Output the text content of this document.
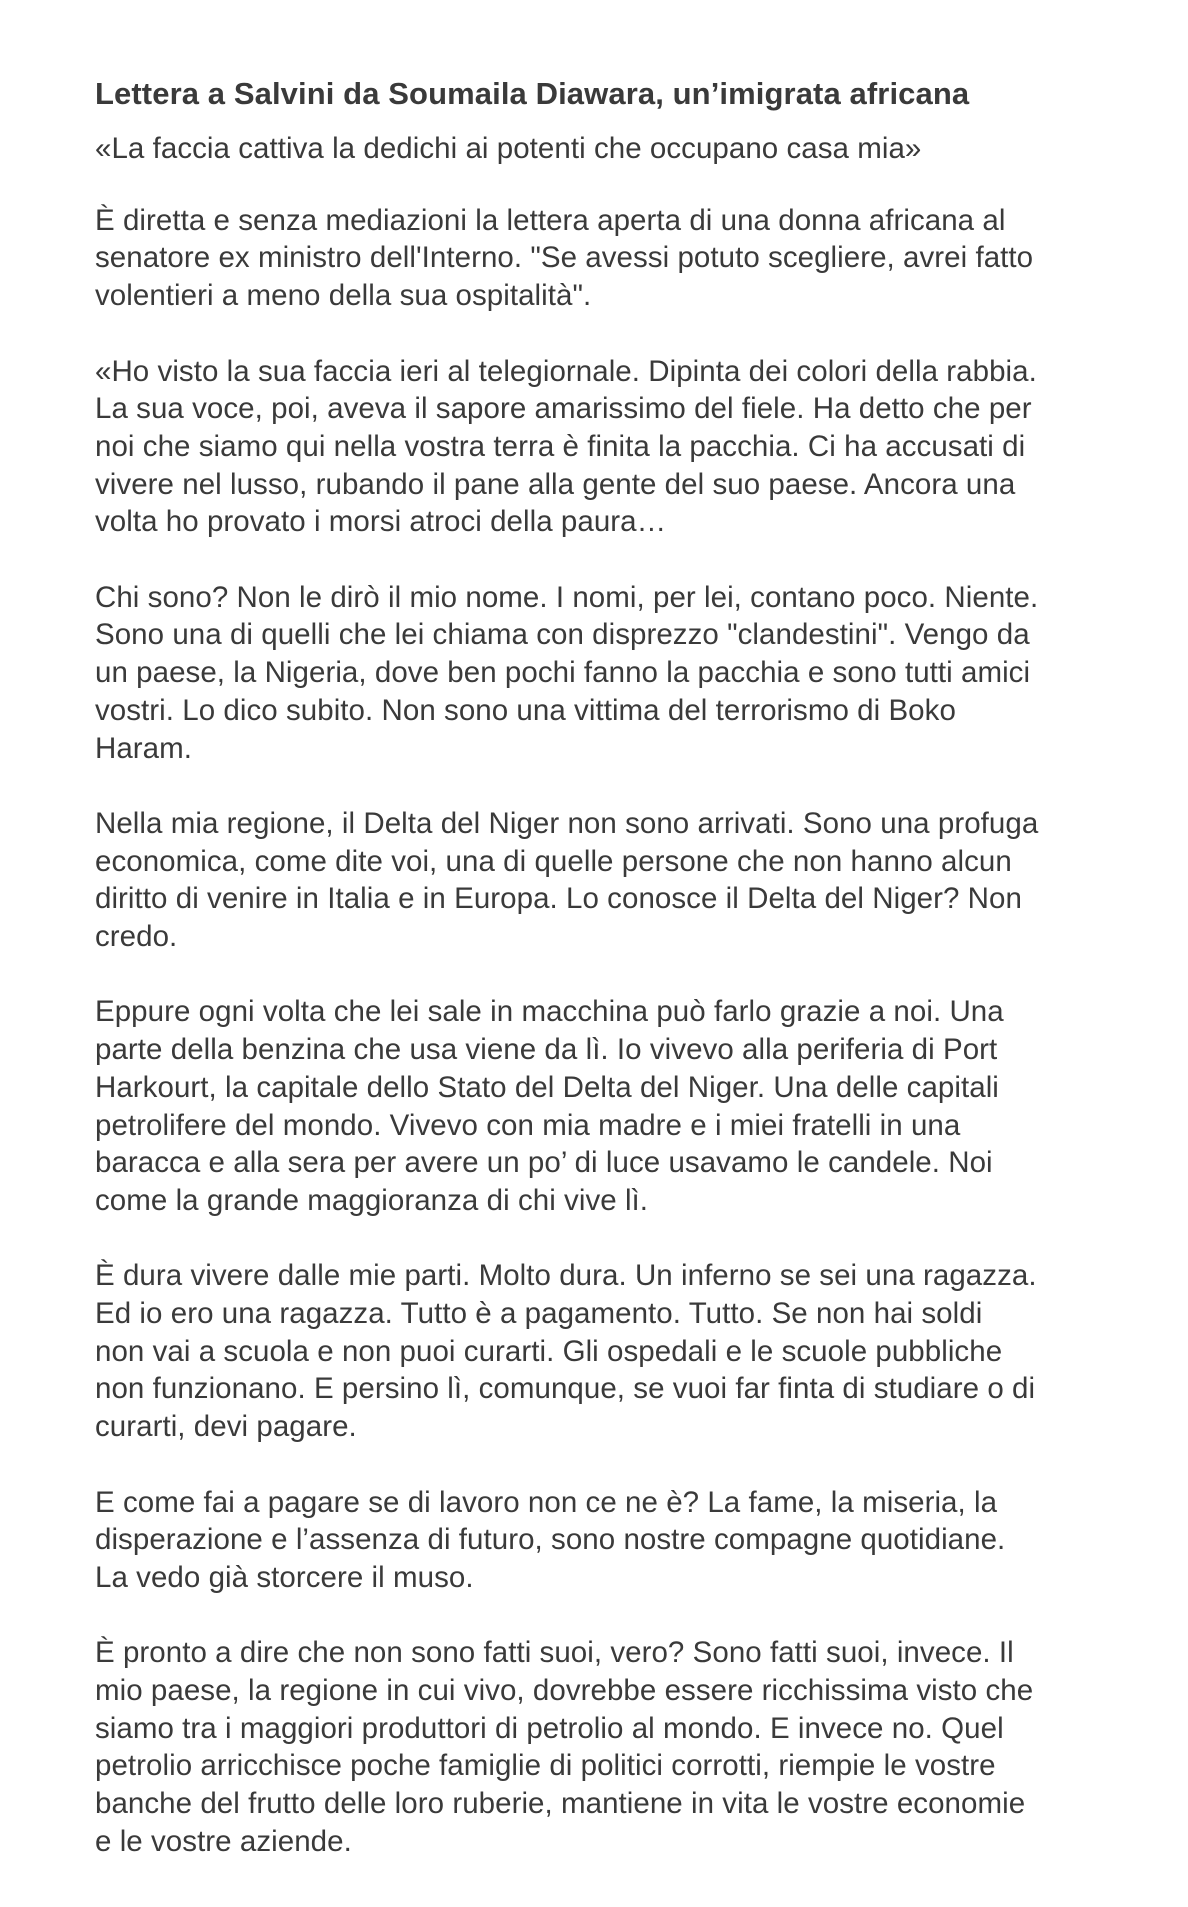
Lettera a Salvini da Soumaila Diawara, un’imigrata africana

«La faccia cattiva la dedichi ai potenti che occupano casa mia»

È diretta e senza mediazioni la lettera aperta di una donna africana al
senatore ex ministro dell'Interno. "Se avessi potuto scegliere, avrei fatto
volentieri a meno della sua ospitalità".

«Ho visto la sua faccia ieri al telegiornale. Dipinta dei colori della rabbia.
La sua voce, poi, aveva il sapore amarissimo del fiele. Ha detto che per
noi che siamo qui nella vostra terra è finita la pacchia. Ci ha accusati di
vivere nel lusso, rubando il pane alla gente del suo paese. Ancora una
volta ho provato i morsi atroci della paura…

Chi sono? Non le dirò il mio nome. I nomi, per lei, contano poco. Niente.
Sono una di quelli che lei chiama con disprezzo "clandestini". Vengo da
un paese, la Nigeria, dove ben pochi fanno la pacchia e sono tutti amici
vostri. Lo dico subito. Non sono una vittima del terrorismo di Boko
Haram.

Nella mia regione, il Delta del Niger non sono arrivati. Sono una profuga
economica, come dite voi, una di quelle persone che non hanno alcun
diritto di venire in Italia e in Europa. Lo conosce il Delta del Niger? Non
credo.

Eppure ogni volta che lei sale in macchina può farlo grazie a noi. Una
parte della benzina che usa viene da lì. Io vivevo alla periferia di Port
Harkourt, la capitale dello Stato del Delta del Niger. Una delle capitali
petrolifere del mondo. Vivevo con mia madre e i miei fratelli in una
baracca e alla sera per avere un po’ di luce usavamo le candele. Noi
come la grande maggioranza di chi vive lì.

È dura vivere dalle mie parti. Molto dura. Un inferno se sei una ragazza.
Ed io ero una ragazza. Tutto è a pagamento. Tutto. Se non hai soldi
non vai a scuola e non puoi curarti. Gli ospedali e le scuole pubbliche
non funzionano. E persino lì, comunque, se vuoi far finta di studiare o di
curarti, devi pagare.

E come fai a pagare se di lavoro non ce ne è? La fame, la miseria, la
disperazione e l’assenza di futuro, sono nostre compagne quotidiane.
La vedo già storcere il muso.

È pronto a dire che non sono fatti suoi, vero? Sono fatti suoi, invece. Il
mio paese, la regione in cui vivo, dovrebbe essere ricchissima visto che
siamo tra i maggiori produttori di petrolio al mondo. E invece no. Quel
petrolio arricchisce poche famiglie di politici corrotti, riempie le vostre
banche del frutto delle loro ruberie, mantiene in vita le vostre economie
e le vostre aziende.
